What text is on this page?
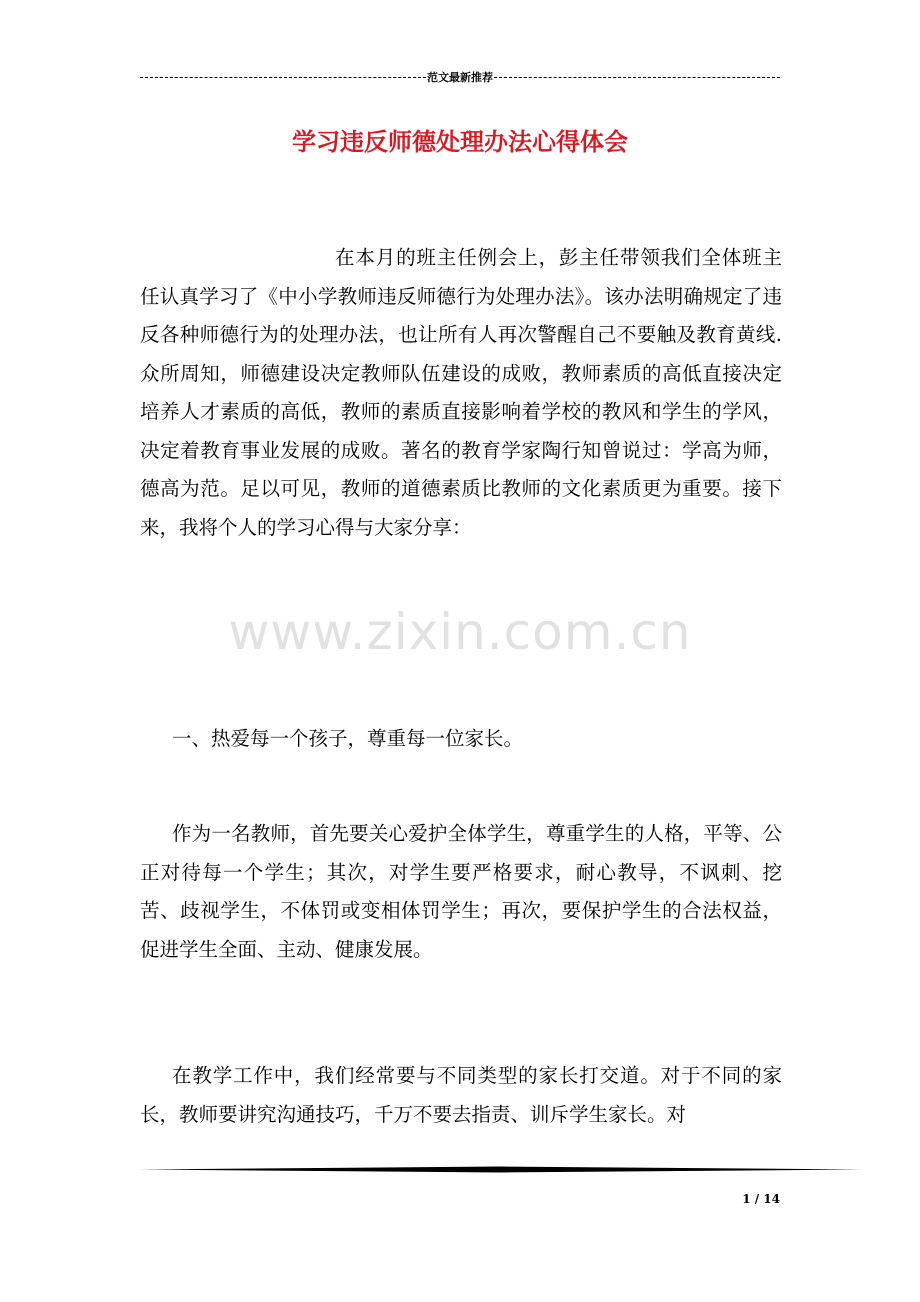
范文最新推荐
学习违反师德处理办法心得体会

在本月的班主任例会上，彭主任带领我们全体班主任认真学习了《中小学教师违反师德行为处理办法》。该办法明确规定了违反各种师德行为的处理办法，也让所有人再次警醒自己不要触及教育黄线.众所周知，师德建设决定教师队伍建设的成败，教师素质的高低直接决定培养人才素质的高低，教师的素质直接影响着学校的教风和学生的学风，决定着教育事业发展的成败。著名的教育学家陶行知曾说过：学高为师，德高为范。足以可见，教师的道德素质比教师的文化素质更为重要。接下来，我将个人的学习心得与大家分享：

www.zixin.com.cn

一、热爱每一个孩子，尊重每一位家长。

作为一名教师，首先要关心爱护全体学生，尊重学生的人格，平等、公正对待每一个学生；其次，对学生要严格要求，耐心教导，不讽刺、挖苦、歧视学生，不体罚或变相体罚学生；再次，要保护学生的合法权益，促进学生全面、主动、健康发展。

在教学工作中，我们经常要与不同类型的家长打交道。对于不同的家长，教师要讲究沟通技巧，千万不要去指责、训斥学生家长。对

1 / 14
